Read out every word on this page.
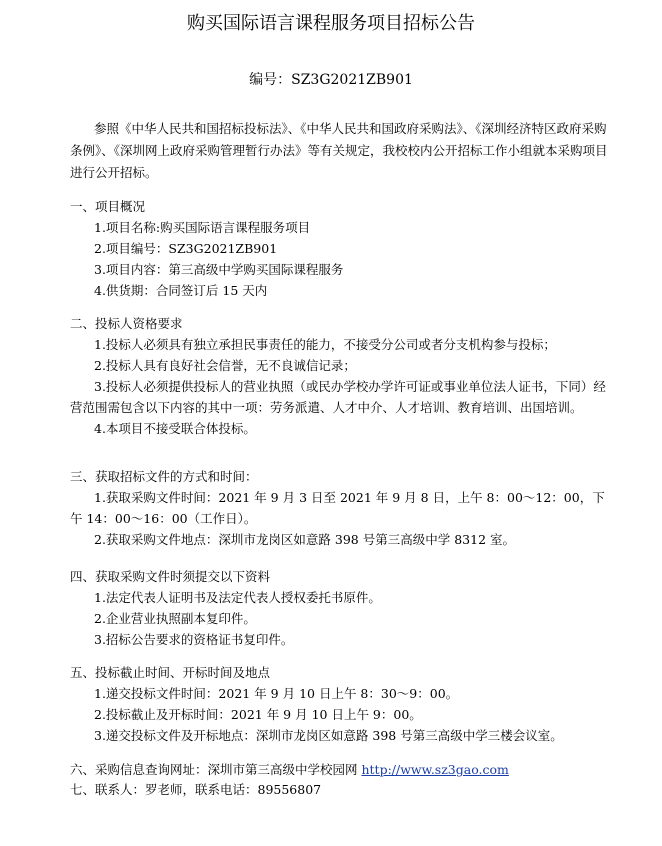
购买国际语言课程服务项目招标公告
编号：SZ3G2021ZB901
参照《中华人民共和国招标投标法》、《中华人民共和国政府采购法》、《深圳经济特区政府采购条例》、《深圳网上政府采购管理暂行办法》等有关规定，我校校内公开招标工作小组就本采购项目进行公开招标。

一、项目概况

1.项目名称:购买国际语言课程服务项目

2.项目编号：SZ3G2021ZB901

3.项目内容：第三高级中学购买国际课程服务

4.供货期：合同签订后 15 天内

二、投标人资格要求

1.投标人必须具有独立承担民事责任的能力，不接受分公司或者分支机构参与投标；

2.投标人具有良好社会信誉，无不良诚信记录；

3.投标人必须提供投标人的营业执照（或民办学校办学许可证或事业单位法人证书，下同）经营范围需包含以下内容的其中一项：劳务派遣、人才中介、人才培训、教育培训、出国培训。

4.本项目不接受联合体投标。

三、获取招标文件的方式和时间：

1.获取采购文件时间：2021 年 9 月 3 日至 2021 年 9 月 8 日，上午 8：00～12：00，下午 14：00～16：00（工作日）。

2.获取采购文件地点：深圳市龙岗区如意路 398 号第三高级中学 8312 室。

四、获取采购文件时须提交以下资料

1.法定代表人证明书及法定代表人授权委托书原件。

2.企业营业执照副本复印件。

3.招标公告要求的资格证书复印件。

五、投标截止时间、开标时间及地点

1.递交投标文件时间：2021 年 9 月 10 日上午 8：30～9：00。

2.投标截止及开标时间：2021 年 9 月 10 日上午 9：00。

3.递交投标文件及开标地点：深圳市龙岗区如意路 398 号第三高级中学三楼会议室。

六、采购信息查询网址：深圳市第三高级中学校园网 http://www.sz3gao.com
七、联系人：罗老师，联系电话：89556807
